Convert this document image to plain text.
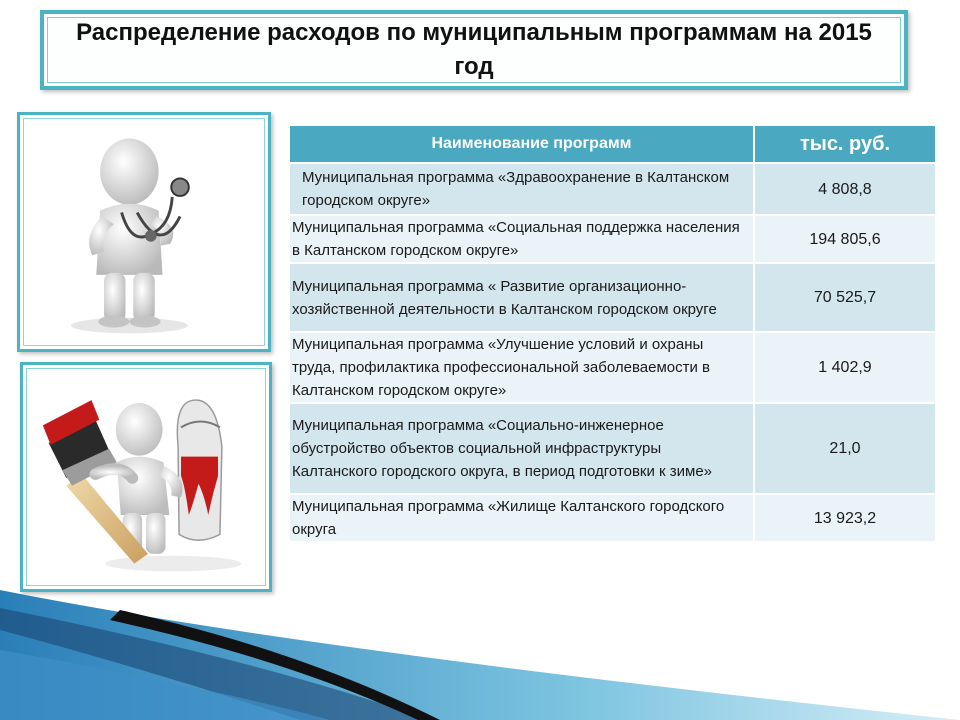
Распределение расходов по муниципальным программам на 2015 год
Наименование программ	тыс. руб.
Муниципальная программа «Здравоохранение в Калтанском городском округе»	4 808,8
Муниципальная программа «Социальная поддержка населения в Калтанском городском округе»	194 805,6
Муниципальная программа « Развитие организационно-хозяйственной деятельности в Калтанском городском округе	70 525,7
Муниципальная программа «Улучшение условий и охраны труда, профилактика профессиональной заболеваемости в Калтанском городском округе»	1 402,9
Муниципальная программа «Социально-инженерное обустройство объектов социальной инфраструктуры Калтанского городского округа, в период подготовки к зиме»	21,0
Муниципальная программа «Жилище Калтанского городского округа	13 923,2
